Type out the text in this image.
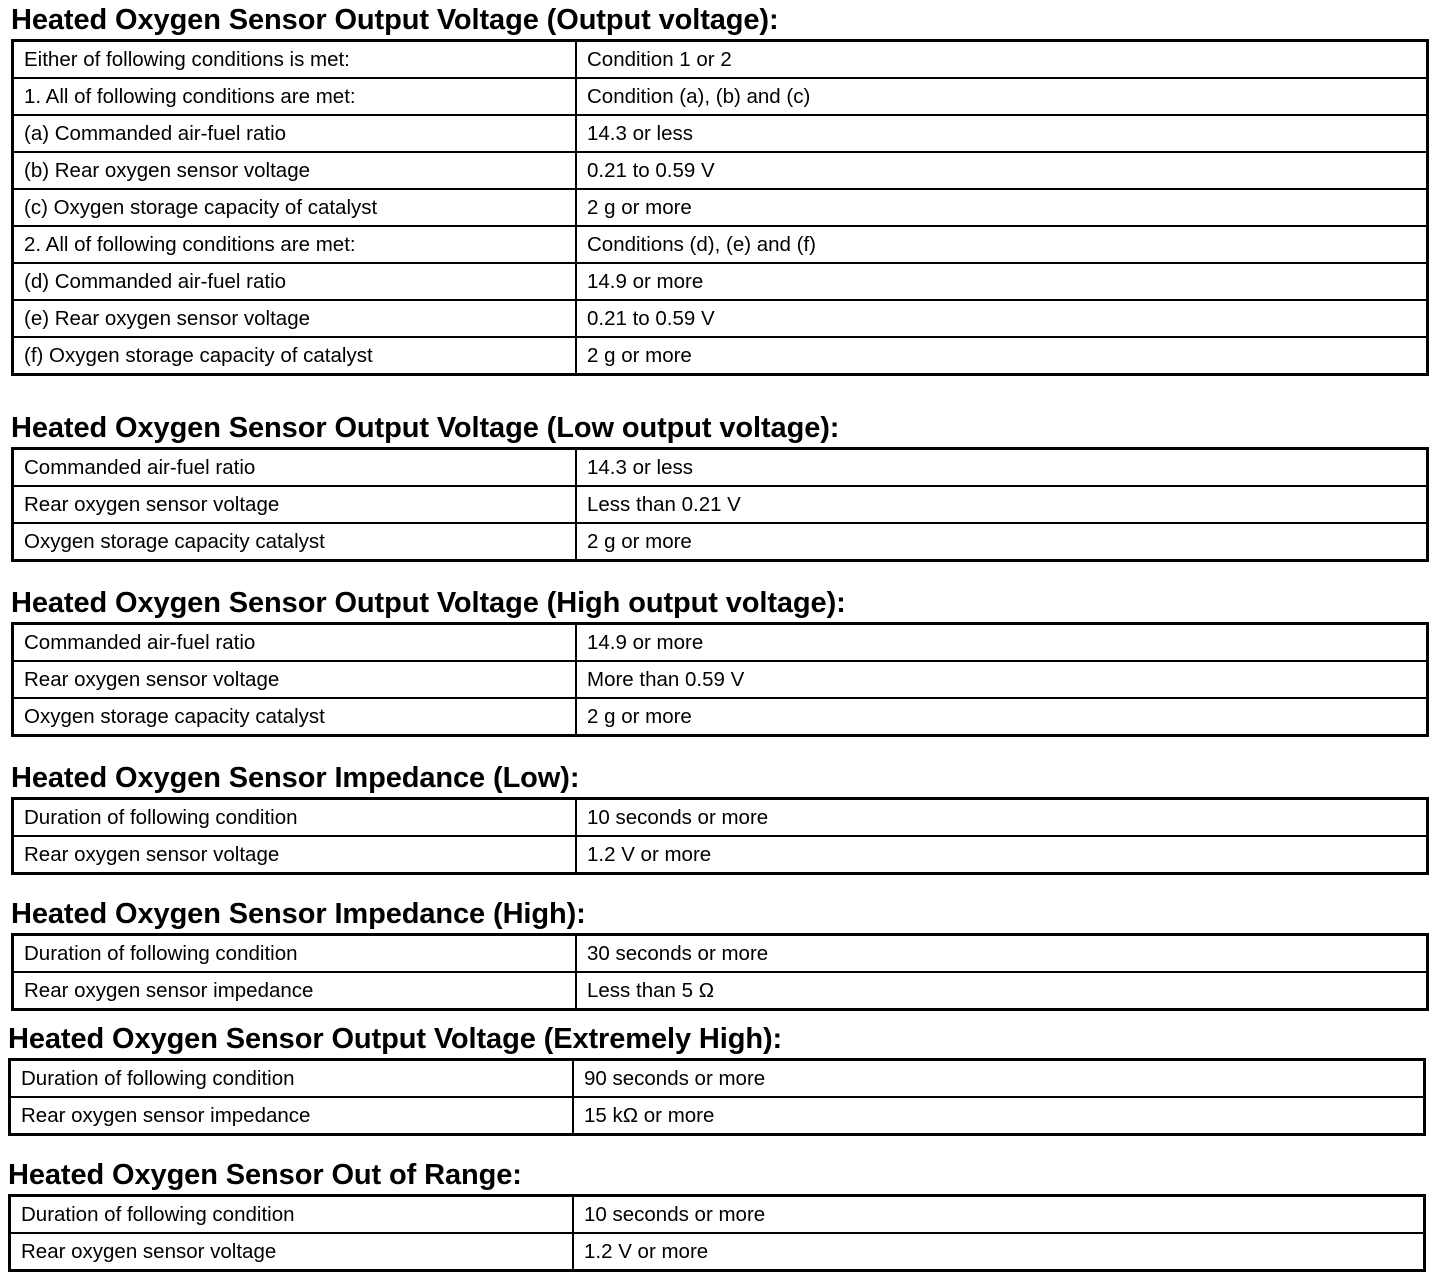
Heated Oxygen Sensor Output Voltage (Output voltage):
Either of following conditions is met:	Condition 1 or 2
1. All of following conditions are met:	Condition (a), (b) and (c)
(a) Commanded air-fuel ratio	14.3 or less
(b) Rear oxygen sensor voltage	0.21 to 0.59 V
(c) Oxygen storage capacity of catalyst	2 g or more
2. All of following conditions are met:	Conditions (d), (e) and (f)
(d) Commanded air-fuel ratio	14.9 or more
(e) Rear oxygen sensor voltage	0.21 to 0.59 V
(f) Oxygen storage capacity of catalyst	2 g or more
Heated Oxygen Sensor Output Voltage (Low output voltage):
Commanded air-fuel ratio	14.3 or less
Rear oxygen sensor voltage	Less than 0.21 V
Oxygen storage capacity catalyst	2 g or more
Heated Oxygen Sensor Output Voltage (High output voltage):
Commanded air-fuel ratio	14.9 or more
Rear oxygen sensor voltage	More than 0.59 V
Oxygen storage capacity catalyst	2 g or more
Heated Oxygen Sensor Impedance (Low):
Duration of following condition	10 seconds or more
Rear oxygen sensor voltage	1.2 V or more
Heated Oxygen Sensor Impedance (High):
Duration of following condition	30 seconds or more
Rear oxygen sensor impedance	Less than 5 Ω
Heated Oxygen Sensor Output Voltage (Extremely High):
Duration of following condition	90 seconds or more
Rear oxygen sensor impedance	15 kΩ or more
Heated Oxygen Sensor Out of Range:
Duration of following condition	10 seconds or more
Rear oxygen sensor voltage	1.2 V or more
